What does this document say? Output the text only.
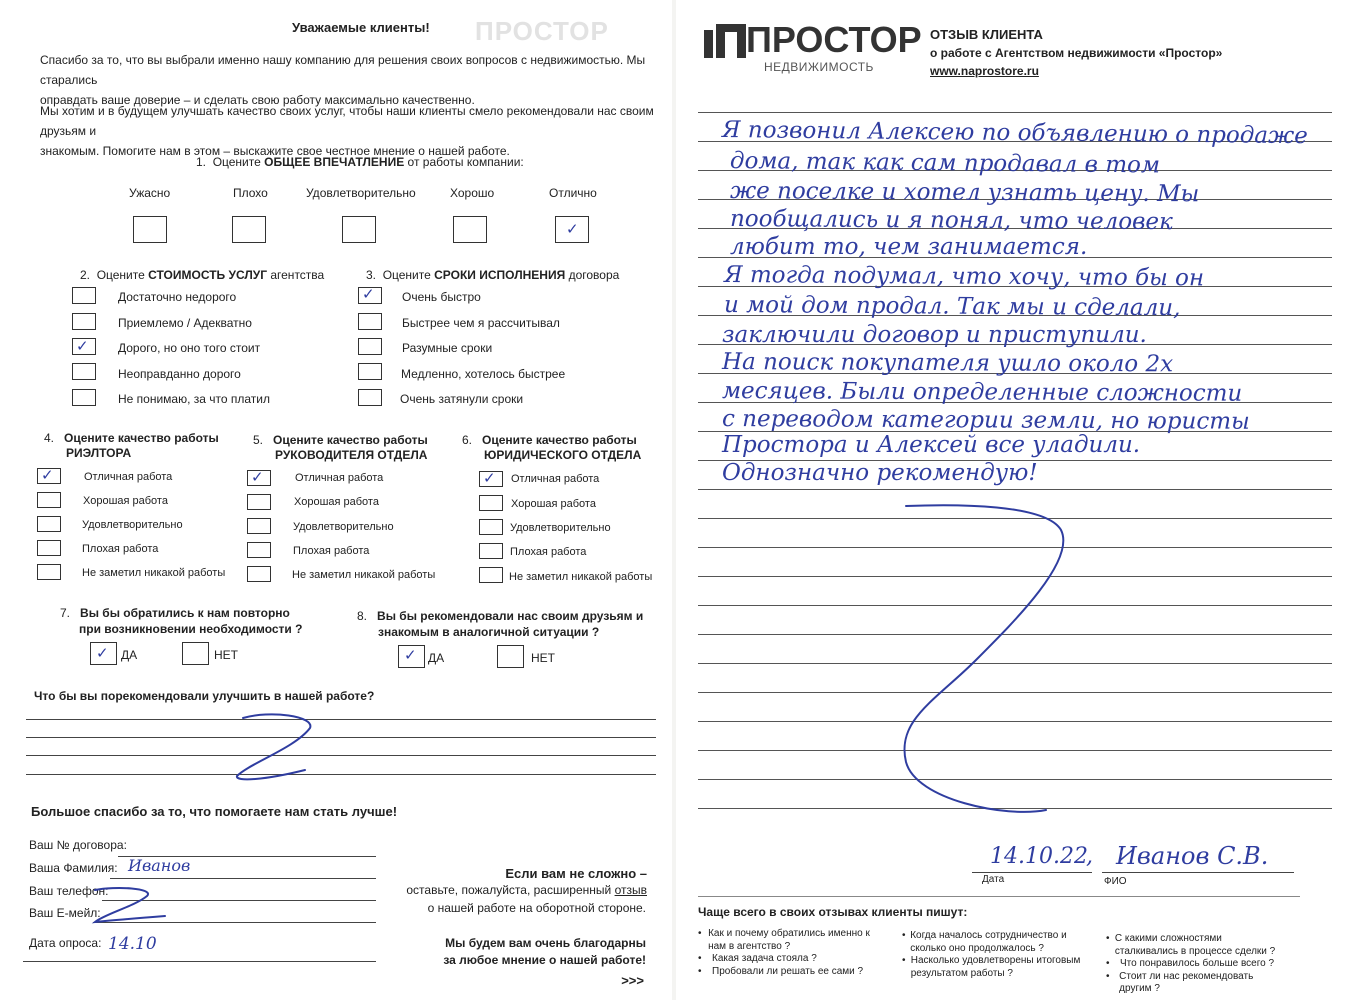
ПРОСТОР
Уважаемые клиенты!
Спасибо за то, что вы выбрали именно нашу компанию для решения своих вопросов с недвижимостью. Мы старались
оправдать ваше доверие – и сделать свою работу максимально качественно.
Мы хотим и в будущем улучшать качество своих услуг, чтобы наши клиенты смело рекомендовали нас своим друзьям и
знакомым. Помогите нам в этом – выскажите свое честное мнение о нашей работе.
1. Оцените ОБЩЕЕ ВПЕЧАТЛЕНИЕ от работы компании:
Ужасно	Плохо	Удовлетворительно	Хорошо	Отлично
✓
2. Оцените СТОИМОСТЬ УСЛУГ агентства
Достаточно недорого
Приемлемо / Адекватно
✓ Дорого, но оно того стоит
Неоправданно дорого
Не понимаю, за что платил
3. Оцените СРОКИ ИСПОЛНЕНИЯ договора
✓ Очень быстро
Быстрее чем я рассчитывал
Разумные сроки
Медленно, хотелось быстрее
Очень затянули сроки
4. Оцените качество работы
РИЭЛТОРА
5. Оцените качество работы
РУКОВОДИТЕЛЯ ОТДЕЛА
6. Оцените качество работы
ЮРИДИЧЕСКОГО ОТДЕЛА
✓	Отличная работа
Хорошая работа
Удовлетворительно
Плохая работа
Не заметил никакой работы
✓	Отличная работа
Хорошая работа
Удовлетворительно
Плохая работа
Не заметил никакой работы
✓ Отличная работа
Хорошая работа
Удовлетворительно
Плохая работа
Не заметил никакой работы
7. Вы бы обратились к нам повторно
при возникновении необходимости ?
✓ ДА	НЕТ
8. Вы бы рекомендовали нас своим друзьям и
знакомым в аналогичной ситуации ?
✓ ДА	НЕТ
Что бы вы порекомендовали улучшить в нашей работе?
Большое спасибо за то, что помогаете нам стать лучше!
Ваш № договора:
Ваша Фамилия: Иванов
Ваш телефон:
Ваш Е-мейл:
Дата опроса: 14.10
Если вам не сложно –
оставьте, пожалуйста, расширенный отзыв
о нашей работе на оборотной стороне.
Мы будем вам очень благодарны
за любое мнение о нашей работе!
>>>
ПРОСТОР
НЕДВИЖИМОСТЬ
ОТЗЫВ КЛИЕНТА
о работе с Агентством недвижимости «Простор»
www.naprostore.ru
Я позвонил Алексею по объявлению о продаже
дома, так как сам продавал в том
же поселке и хотел узнать цену. Мы
пообщались и я понял, что человек
любит то, чем занимается.
Я тогда подумал, что хочу, что бы он
и мой дом продал. Так мы и сделали,
заключили договор и приступили.
На поиск покупателя ушло около 2х
месяцев. Были определенные сложности
с переводом категории земли, но юристы
Простора и Алексей все уладили.
Однозначно рекомендую!
14.10.22
, Иванов С.В.
Дата	ФИО
Чаще всего в своих отзывах клиенты пишут:
• Как и почему обратились именно к нам в агентство ?
•	Какая задача стояла ?
•	Пробовали ли решать ее сами ?
• Когда началось сотрудничество и сколько оно продолжалось ?
• Насколько удовлетворены итоговым результатом работы ?
• С какими сложностями сталкивались в процессе сделки ?
•	Что понравилось больше всего ?
• Стоит ли нас рекомендовать другим ?
